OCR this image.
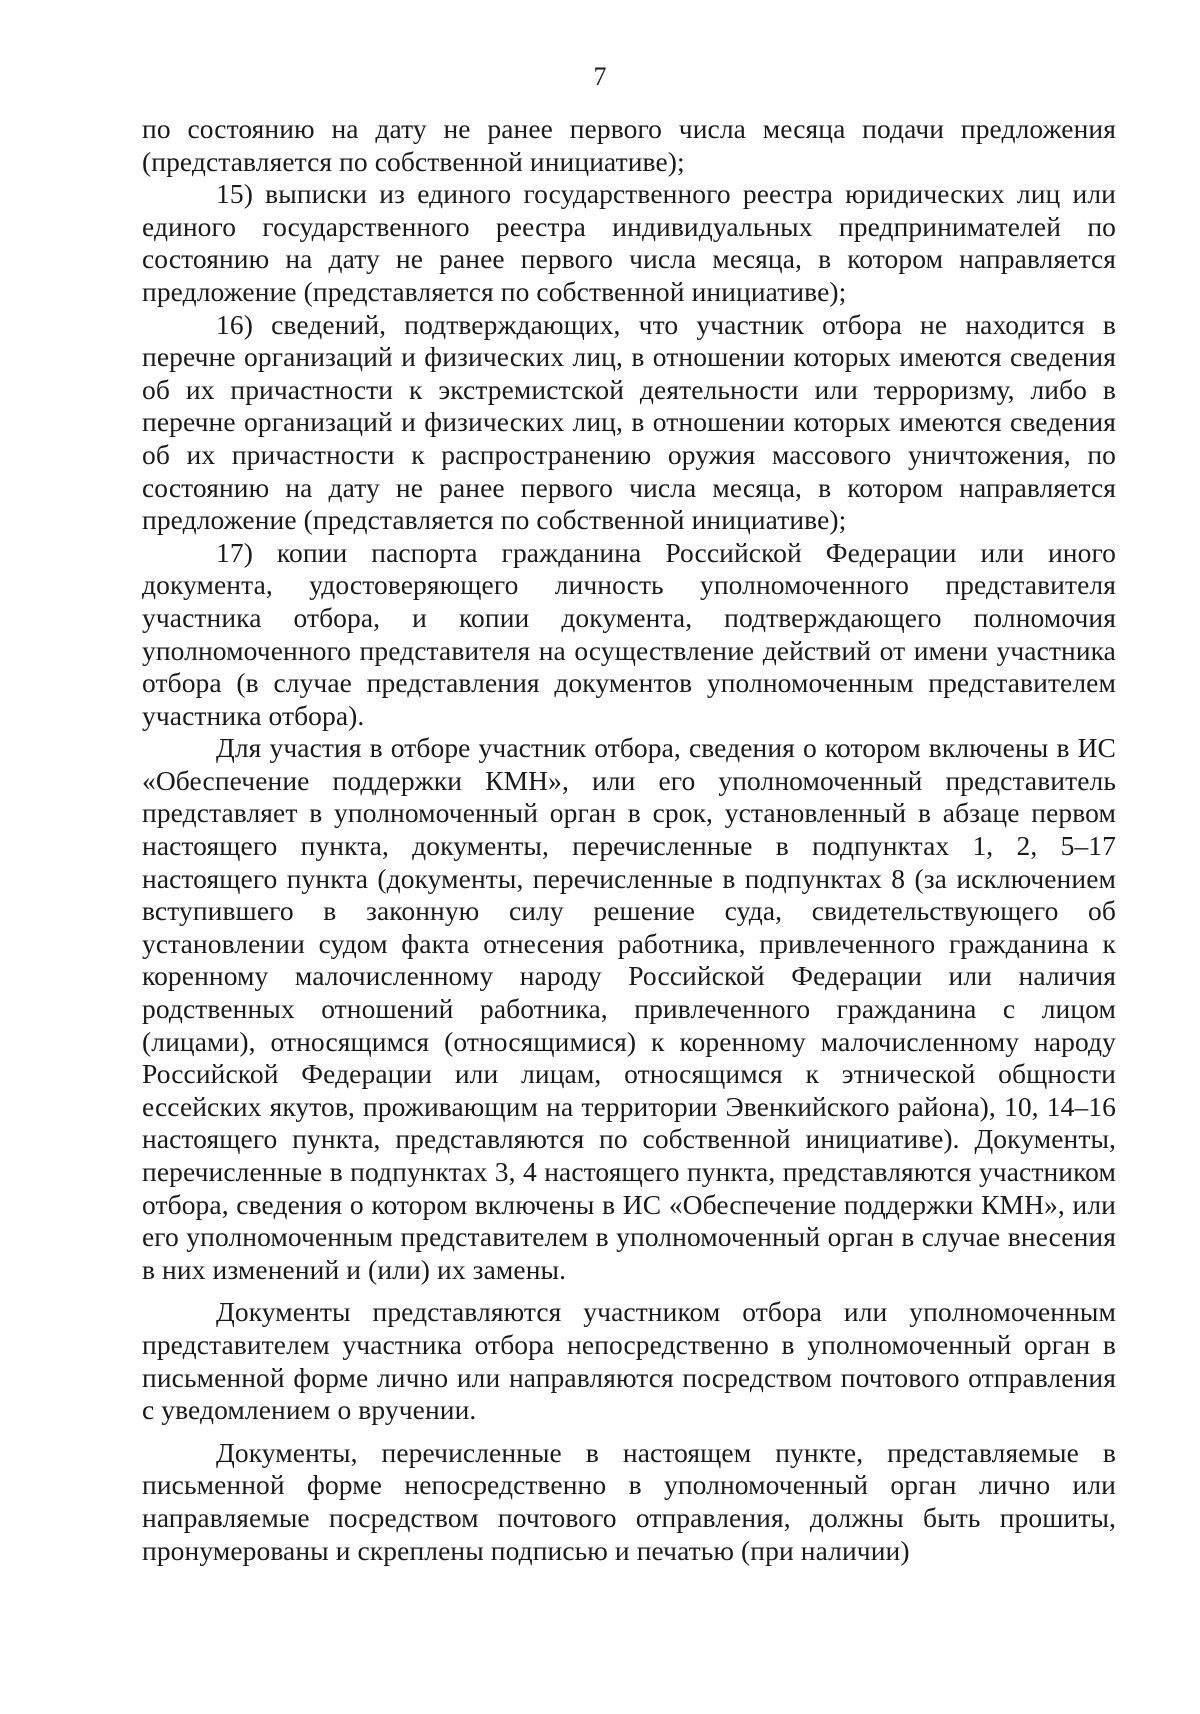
7

по состоянию на дату не ранее первого числа месяца подачи предложения (представляется по собственной инициативе);

15) выписки из единого государственного реестра юридических лиц или единого государственного реестра индивидуальных предпринимателей по состоянию на дату не ранее первого числа месяца, в котором направляется предложение (представляется по собственной инициативе);

16) сведений, подтверждающих, что участник отбора не находится в перечне организаций и физических лиц, в отношении которых имеются сведения об их причастности к экстремистской деятельности или терроризму, либо в перечне организаций и физических лиц, в отношении которых имеются сведения об их причастности к распространению оружия массового уничтожения, по состоянию на дату не ранее первого числа месяца, в котором направляется предложение (представляется по собственной инициативе);

17) копии паспорта гражданина Российской Федерации или иного документа, удостоверяющего личность уполномоченного представителя участника отбора, и копии документа, подтверждающего полномочия уполномоченного представителя на осуществление действий от имени участника отбора (в случае представления документов уполномоченным представителем участника отбора).

Для участия в отборе участник отбора, сведения о котором включены в ИС «Обеспечение поддержки КМН», или его уполномоченный представитель представляет в уполномоченный орган в срок, установленный в абзаце первом настоящего пункта, документы, перечисленные в подпунктах 1, 2, 5–17 настоящего пункта (документы, перечисленные в подпунктах 8 (за исключением вступившего в законную силу решение суда, свидетельствующего об установлении судом факта отнесения работника, привлеченного гражданина к коренному малочисленному народу Российской Федерации или наличия родственных отношений работника, привлеченного гражданина с лицом (лицами), относящимся (относящимися) к коренному малочисленному народу Российской Федерации или лицам, относящимся к этнической общности ессейских якутов, проживающим на территории Эвенкийского района), 10, 14–16 настоящего пункта, представляются по собственной инициативе). Документы, перечисленные в подпунктах 3, 4 настоящего пункта, представляются участником отбора, сведения о котором включены в ИС «Обеспечение поддержки КМН», или его уполномоченным представителем в уполномоченный орган в случае внесения в них изменений и (или) их замены.

Документы представляются участником отбора или уполномоченным представителем участника отбора непосредственно в уполномоченный орган в письменной форме лично или направляются посредством почтового отправления с уведомлением о вручении.

Документы, перечисленные в настоящем пункте, представляемые в письменной форме непосредственно в уполномоченный орган лично или направляемые посредством почтового отправления, должны быть прошиты, пронумерованы и скреплены подписью и печатью (при наличии)
